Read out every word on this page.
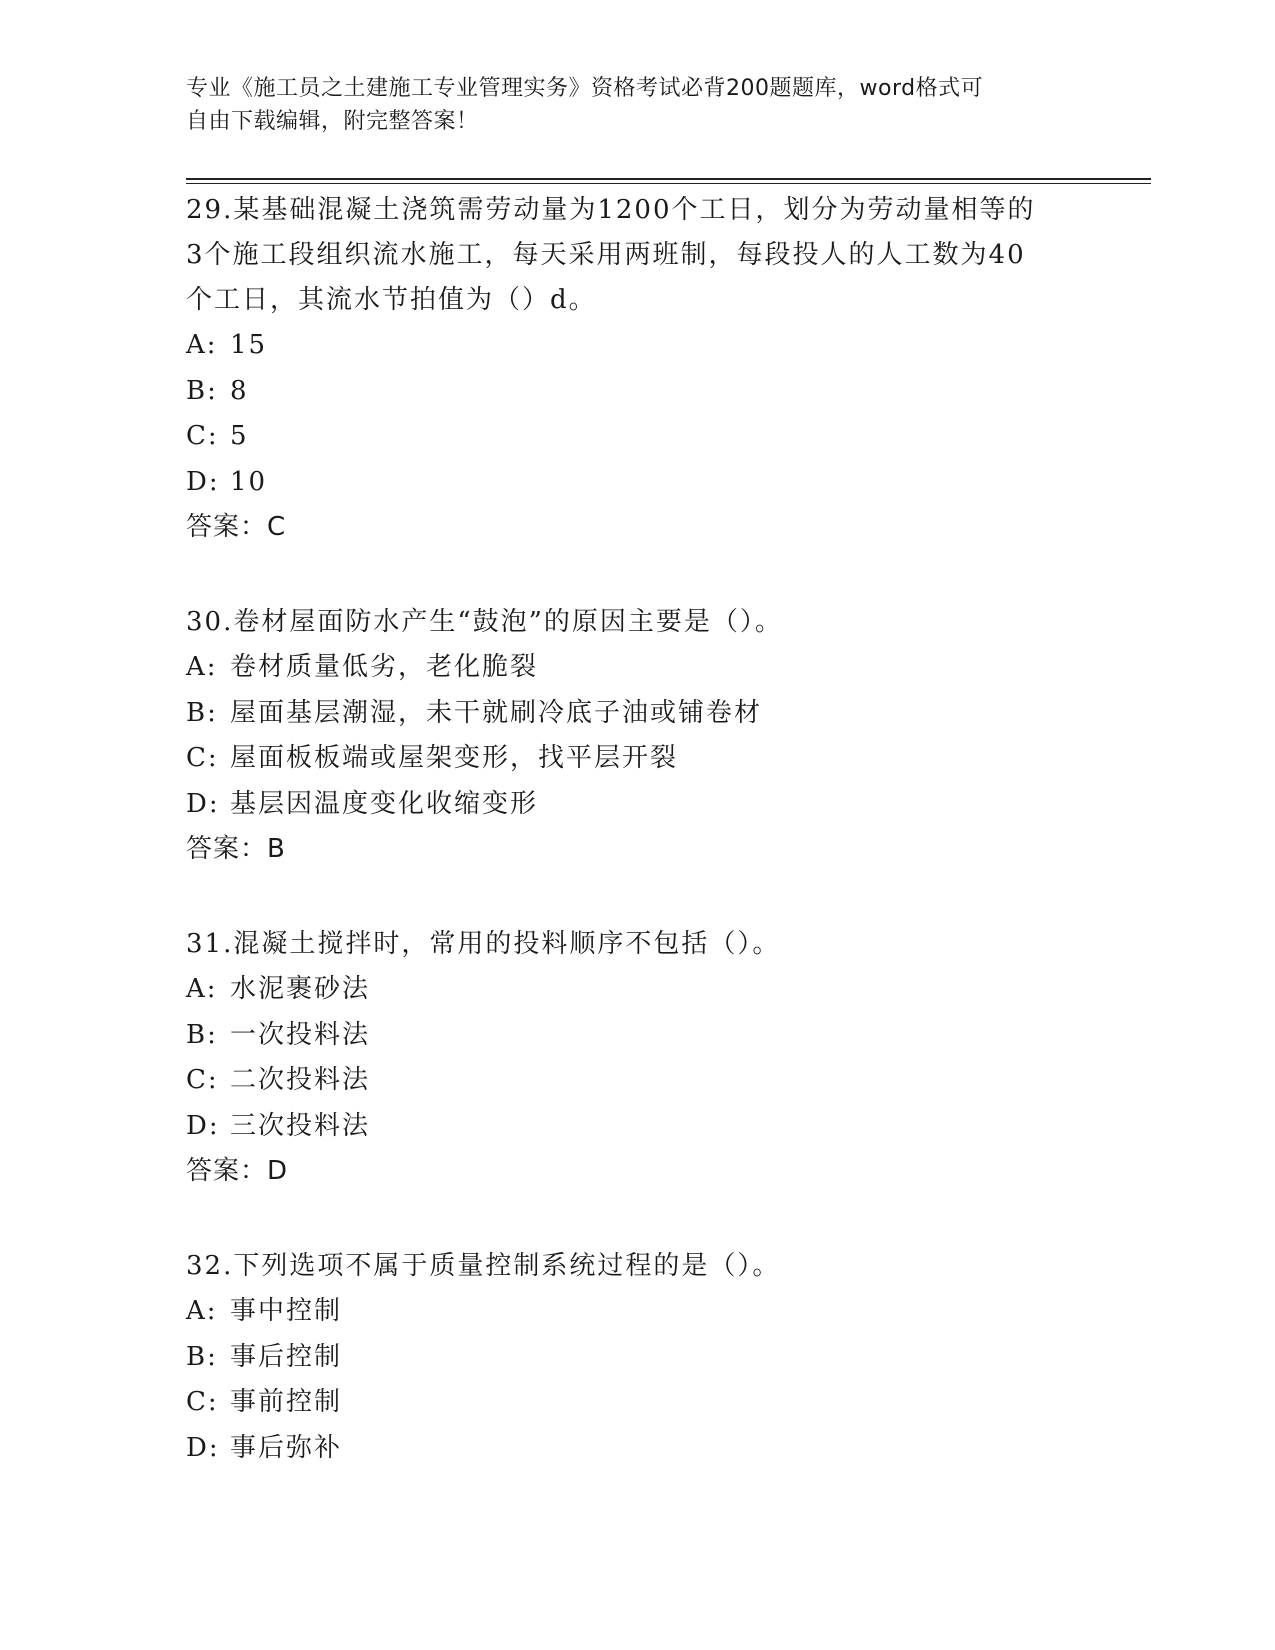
专业《施工员之土建施工专业管理实务》资格考试必背200题题库，word格式可
自由下载编辑，附完整答案！

29.某基础混凝土浇筑需劳动量为1200个工日，划分为劳动量相等的

3个施工段组织流水施工，每天采用两班制，每段投人的人工数为40

个工日，其流水节拍值为（）d。

A: 15

B: 8

C: 5

D: 10

答案：C

30.卷材屋面防水产生“鼓泡”的原因主要是（）。

A: 卷材质量低劣，老化脆裂

B: 屋面基层潮湿，未干就刷冷底子油或铺卷材

C: 屋面板板端或屋架变形，找平层开裂

D: 基层因温度变化收缩变形

答案：B

31.混凝土搅拌时，常用的投料顺序不包括（）。

A: 水泥裹砂法

B: 一次投料法

C: 二次投料法

D: 三次投料法

答案：D

32.下列选项不属于质量控制系统过程的是（）。

A: 事中控制

B: 事后控制

C: 事前控制

D: 事后弥补
